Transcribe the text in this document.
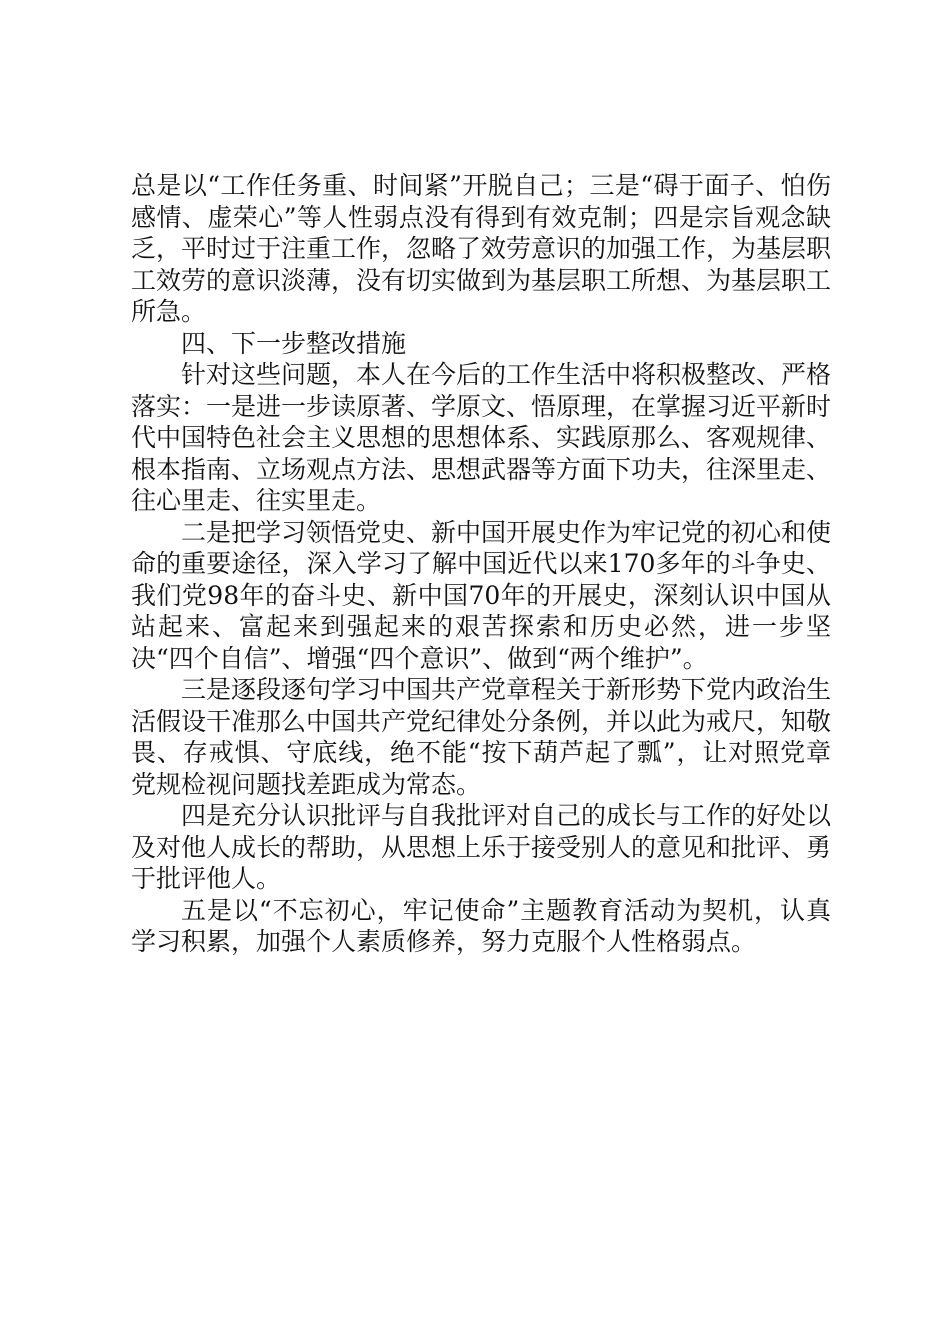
总是以“工作任务重、时间紧”开脱自己；三是“碍于面子、怕伤感情、虚荣心”等人性弱点没有得到有效克制；四是宗旨观念缺乏，平时过于注重工作，忽略了效劳意识的加强工作，为基层职工效劳的意识淡薄，没有切实做到为基层职工所想、为基层职工所急。

四、下一步整改措施

针对这些问题，本人在今后的工作生活中将积极整改、严格落实：一是进一步读原著、学原文、悟原理，在掌握习近平新时代中国特色社会主义思想的思想体系、实践原那么、客观规律、根本指南、立场观点方法、思想武器等方面下功夫，往深里走、往心里走、往实里走。

二是把学习领悟党史、新中国开展史作为牢记党的初心和使命的重要途径，深入学习了解中国近代以来170多年的斗争史、我们党98年的奋斗史、新中国70年的开展史，深刻认识中国从站起来、富起来到强起来的艰苦探索和历史必然，进一步坚决“四个自信”、增强“四个意识”、做到“两个维护”。

三是逐段逐句学习中国共产党章程关于新形势下党内政治生活假设干准那么中国共产党纪律处分条例，并以此为戒尺，知敬畏、存戒惧、守底线，绝不能“按下葫芦起了瓢”，让对照党章党规检视问题找差距成为常态。

四是充分认识批评与自我批评对自己的成长与工作的好处以及对他人成长的帮助，从思想上乐于接受别人的意见和批评、勇于批评他人。

五是以“不忘初心，牢记使命”主题教育活动为契机，认真学习积累，加强个人素质修养，努力克服个人性格弱点。
